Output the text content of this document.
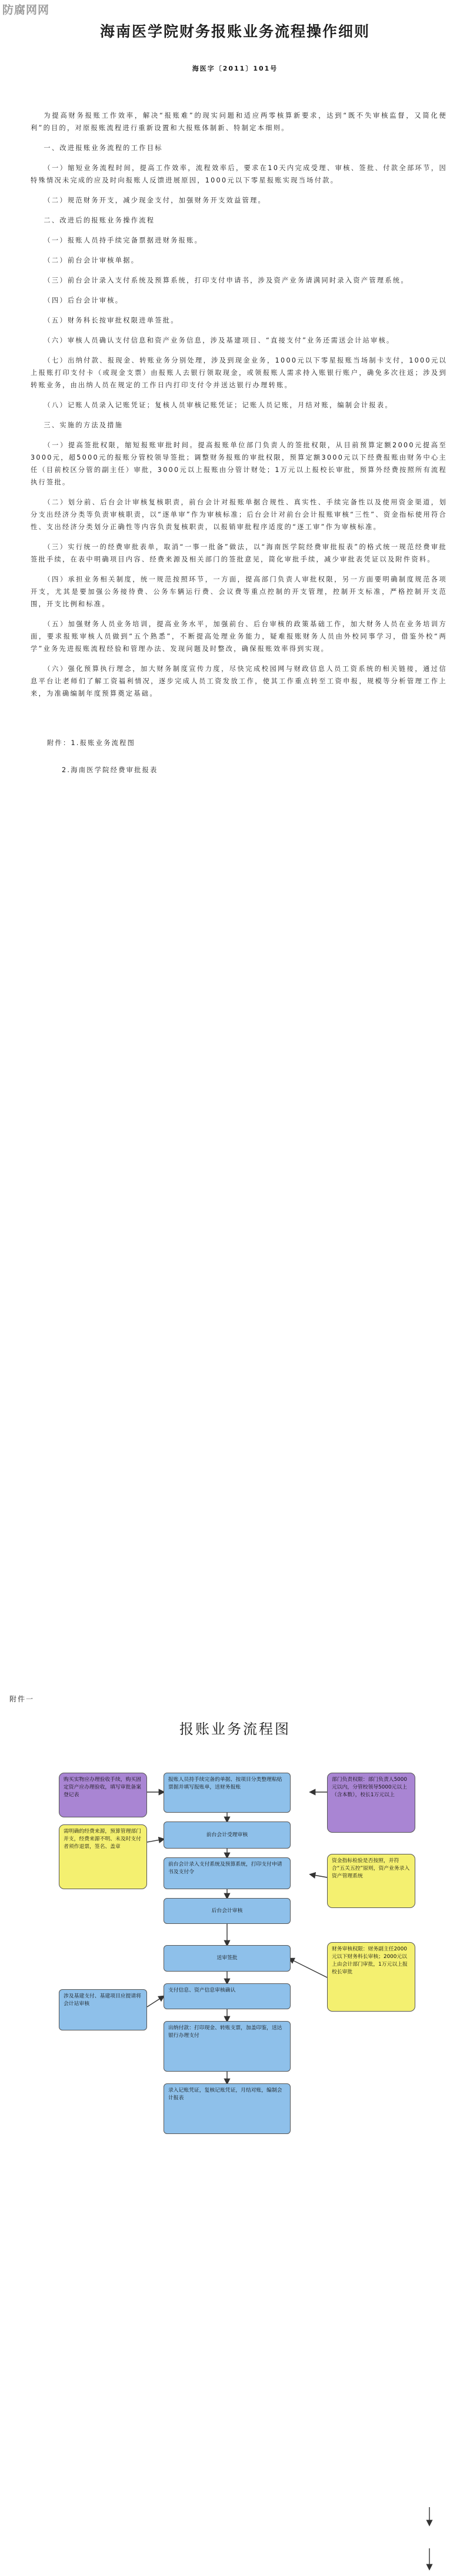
防腐网网
海南医学院财务报账业务流程操作细则
海医字〔2011〕101号

为提高财务报账工作效率，解决“报账难”的现实问题和适应两零核算新要求，达到“既不失审核监督，又简化便利”的目的，对原报账流程进行重新设置和大报账体制新、特制定本细则。

一、改进报账业务流程的工作目标

（一）缩短业务流程时间，提高工作效率，流程效率后，要求在10天内完成受理、审核、签批、付款全部环节，因特殊情况未完成的应及时向报账人反馈进展原因，1000元以下零星报账实现当场付款。

（二）规范财务开支，减少现金支付，加强财务开支效益管理。

二、改进后的报账业务操作流程

（一）报账人员持手续完备票据进财务报账。

（二）前台会计审核单据。

（三）前台会计录入支付系统及预算系统，打印支付申请书，涉及资产业务请满同时录入资产管理系统。

（四）后台会计审核。

（五）财务科长按审批权限进单签批。

（六）审核人员确认支付信息和资产业务信息，涉及基建项目、“直接支付”业务还需送会计站审核。

（七）出纳付款、报现金、转账业务分别处理，涉及到现金业务，1000元以下零星报账当场制卡支付，1000元以上报账打印支付卡（或现金支票）由报账人去银行领取现金，或领报账人需求持入账银行账户，确免多次往返；涉及到转账业务，由出纳人员在规定的工作日内打印支付令并送达银行办理转账。

（八）记账人员录入记账凭证；复核人员审核记账凭证；记账人员记账，月结对账，编制会计报表。

三、实施的方法及措施

（一）提高签批权限，缩短报账审批时间。提高报账单位部门负责人的签批权限，从目前预算定额2000元提高至3000元，超5000元的报账分管校领导签批；调整财务报账的审批权限，预算定额3000元以下经费报账由财务中心主任（目前校区分管的副主任）审批，3000元以上报账由分管计财处；1万元以上报校长审批，预算外经费按照所有流程执行签批。

（二）划分前、后台会计审核复核职责，前台会计对报账单据合规性、真实性、手续完备性以及使用资金渠道，划分支出经济分类等负责审核职责，以“逐单审”作为审核标准；后台会计对前台会计报账审核“三性”、资金指标使用符合性、支出经济分类划分正确性等内容负责复核职责，以报销审批程序适度的“逐工审”作为审核标准。

（三）实行统一的经费审批表单，取消“一事一批备”做法，以“海南医学院经费审批报表”的格式统一规范经费审批签批手续，在表中明确项目内容、经费来源及相关部门的签批意见，简化审批手续，减少审批表凭证以及附件资料。

（四）承担业务相关制度，统一规范按照环节，一方面，提高部门负责人审批权限，另一方面要明确制度规范各项开支，尤其是要加强公务接待费、公务车辆运行费、会议费等重点控制的开支管理，控制开支标准，严格控制开支范围，开支比例和标准。

（五）加强财务人员业务培训，提高业务水平，加强前台、后台审核的政策基础工作，加大财务人员在业务培训方面，要求报账审核人员做到“五个熟悉”，不断提高处理业务能力，疑难报账财务人员由外校同事学习，借鉴外校“两学”业务先进报账流程经验和管理办法、发现问题及时整改，确保报账效率得到实现。

（六）强化预算执行理念，加大财务制度宣传力度，尽快完成校园网与财政信息人员工资系统的相关链接，通过信息平台让老师们了解工资福利情况，逐步完成人员工资发放工作，使其工作重点转至工资申报，规模等分析管理工作上来，为准确编制年度预算奠定基础。

附件：1.报账业务流程图
2.海南医学院经费审批报表
附件一
报账业务流程图
报账人员持手续完备的单据、按项目分类整理粘贴票据并填写报账单，送财务报账
前台会计受理审核
前台会计录入支付系统及预算系统，打印支付申请书及支付令
后台会计审核
送审签批
支付信息、资产信息审核确认
出纳付款：打印现金、转账支票，加盖印鉴，送达银行办理支付
录入记账凭证，复核记账凭证，月结对账，编制会计报表
购买实物应办理验收手续，购买固定资产应办理验收，填写审批备案登记表
需明确的经费来源，预算管理部门并支，经费来源不明、未及时支付者须作退票，签名、盖章
涉及基建支付、基建项目应提请将会计站审核
部门负责权限：部门负责人5000元以内，分管校领导5000元以上（含本数），校长1万元以上
资金指标检验是否按照，并符合“五关五控”原则，资产业务录入资产管理系统
财务审核权限：财务副主任2000元以下财务科长审核；2000元以上由会计部门审批，1万元以上报校长审批
